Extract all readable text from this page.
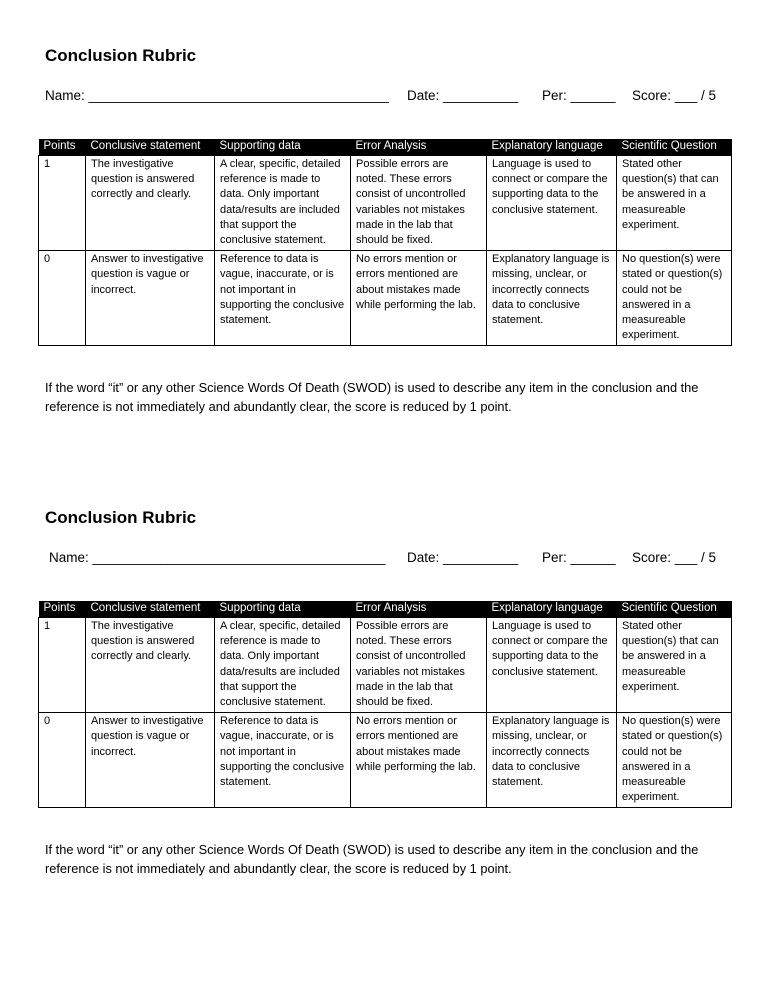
Conclusion Rubric
Name: ________________________________________ Date: __________ Per: ______ Score: ___ / 5
Points	Conclusive statement	Supporting data	Error Analysis	Explanatory language	Scientific Question
1	The investigative question is answered correctly and clearly.	A clear, specific, detailed reference is made to data. Only important data/results are included that support the conclusive statement.	Possible errors are noted. These errors consist of uncontrolled variables not mistakes made in the lab that should be fixed.	Language is used to connect or compare the supporting data to the conclusive statement.	Stated other question(s) that can be answered in a measureable experiment.
0	Answer to investigative question is vague or incorrect.	Reference to data is vague, inaccurate, or is not important in supporting the conclusive statement.	No errors mention or errors mentioned are about mistakes made while performing the lab.	Explanatory language is missing, unclear, or incorrectly connects data to conclusive statement.	No question(s) were stated or question(s) could not be answered in a measureable experiment.
If the word “it” or any other Science Words Of Death (SWOD) is used to describe any item in the conclusion and the reference is not immediately and abundantly clear, the score is reduced by 1 point.
Conclusion Rubric
Name: _______________________________________ Date: __________ Per: ______ Score: ___ / 5
Points	Conclusive statement	Supporting data	Error Analysis	Explanatory language	Scientific Question
1	The investigative question is answered correctly and clearly.	A clear, specific, detailed reference is made to data. Only important data/results are included that support the conclusive statement.	Possible errors are noted. These errors consist of uncontrolled variables not mistakes made in the lab that should be fixed.	Language is used to connect or compare the supporting data to the conclusive statement.	Stated other question(s) that can be answered in a measureable experiment.
0	Answer to investigative question is vague or incorrect.	Reference to data is vague, inaccurate, or is not important in supporting the conclusive statement.	No errors mention or errors mentioned are about mistakes made while performing the lab.	Explanatory language is missing, unclear, or incorrectly connects data to conclusive statement.	No question(s) were stated or question(s) could not be answered in a measureable experiment.
If the word “it” or any other Science Words Of Death (SWOD) is used to describe any item in the conclusion and the reference is not immediately and abundantly clear, the score is reduced by 1 point.
